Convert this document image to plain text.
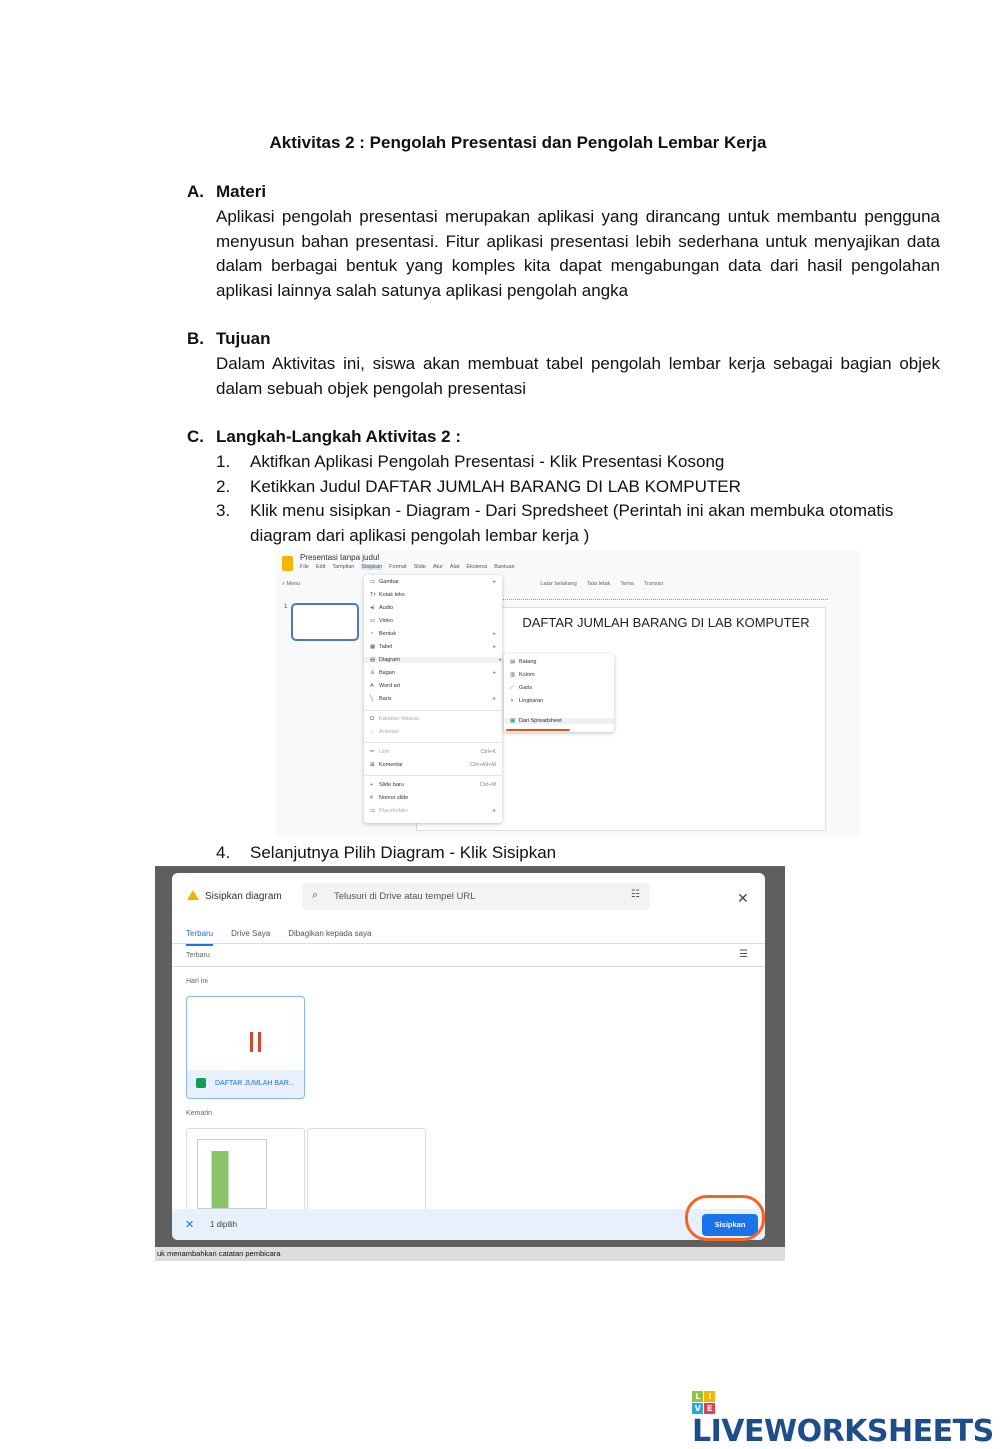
Aktivitas 2 : Pengolah Presentasi dan Pengolah Lembar Kerja
A. Materi
Aplikasi pengolah presentasi merupakan aplikasi yang dirancang untuk membantu pengguna menyusun bahan presentasi. Fitur aplikasi presentasi lebih sederhana untuk menyajikan data dalam berbagai bentuk yang komples kita dapat mengabungan data dari hasil pengolahan aplikasi lainnya salah satunya aplikasi pengolah angka
B. Tujuan
Dalam Aktivitas ini, siswa akan membuat tabel pengolah lembar kerja sebagai bagian objek dalam sebuah objek pengolah presentasi
C. Langkah-Langkah Aktivitas 2 :
1.	Aktifkan Aplikasi Pengolah Presentasi - Klik Presentasi Kosong
2.	Ketikkan Judul DAFTAR JUMLAH BARANG DI LAB KOMPUTER
3.	Klik menu sisipkan - Diagram - Dari Spredsheet (Perintah ini akan membuka otomatis diagram dari aplikasi pengolah lembar kerja )
Presentasi tanpa judul
File Edit Tampilan Sisipkan Format Slide Atur Alat Ekstensi Bantuan
⌕ Menu	Latar belakang Tata letak Tema Transisi
1
DAFTAR JUMLAH BARANG DI LAB KOMPUTER
▭ Gambar	▸
Tт Kotak teks
◂) Audio
▭ Video
◔ Bentuk	▸
▦ Tabel	▸
▤ Diagram	▸
♙ Bagan	▸
A Word art
╲ Baris	▸
Ω Karakter khusus
◌ Animasi
⎓ Link	Ctrl+K
⊞ Komentar	Ctrl+Alt+M
+ Slide baru	Ctrl+M
# Nomor slide
▭ Placeholder	▸
▤ Batang
▥ Kolom
⟋ Garis
◑ Lingkaran
▦ Dari Spreadsheet
4.	Selanjutnya Pilih Diagram - Klik Sisipkan
Sisipkan diagram	⌕ Telusuri di Drive atau tempel URL	☷	✕
Terbaru Drive Saya Dibagikan kepada saya
Terbaru	☰
Hari ini
DAFTAR JUMLAH BAR...
Kemarin
✕ 1 dipilih	Sisipkan
uk menambahkan catatan pembicara
L	I
V E
LIVEWORKSHEETS
